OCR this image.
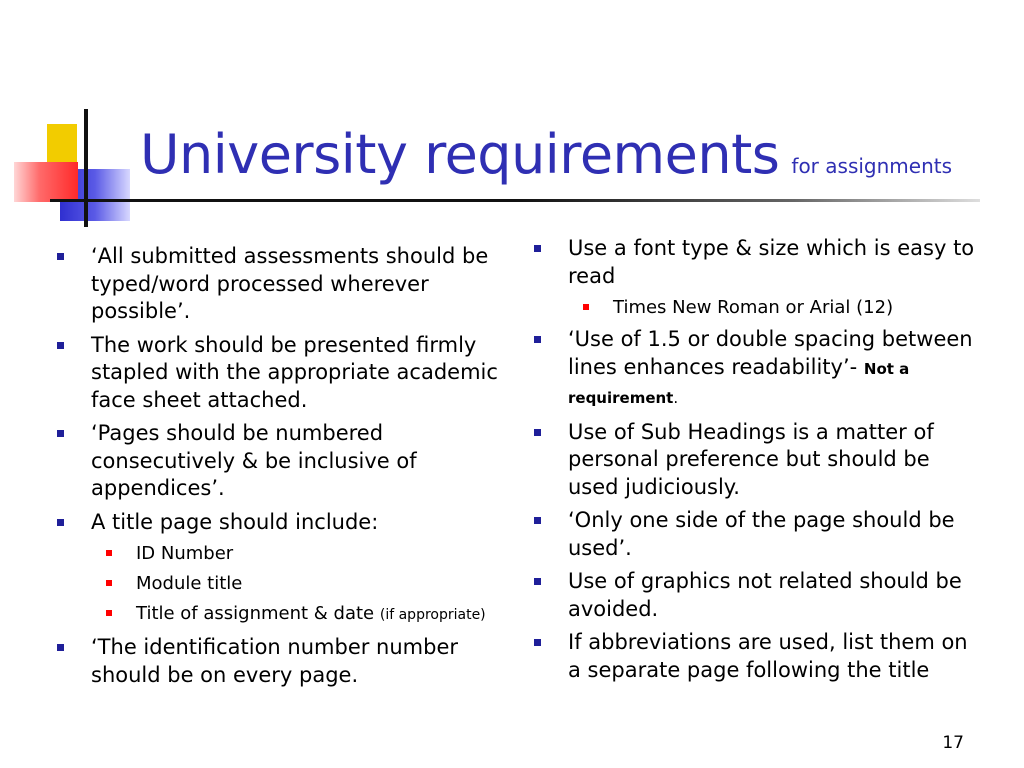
University requirements for assignments
‘All submitted assessments should be typed/word processed wherever possible’.
The work should be presented firmly stapled with the appropriate academic face sheet attached.
‘Pages should be numbered consecutively & be inclusive of appendices’.
A title page should include:
ID Number
Module title
Title of assignment & date (if appropriate)
‘The identification number number should be on every page.
Use a font type & size which is easy to read
Times New Roman or Arial (12)
‘Use of 1.5 or double spacing between lines enhances readability’- Not a requirement.
Use of Sub Headings is a matter of personal preference but should be used judiciously.
‘Only one side of the page should be used’.
Use of graphics not related should be avoided.
If abbreviations are used, list them on a separate page following the title
17
